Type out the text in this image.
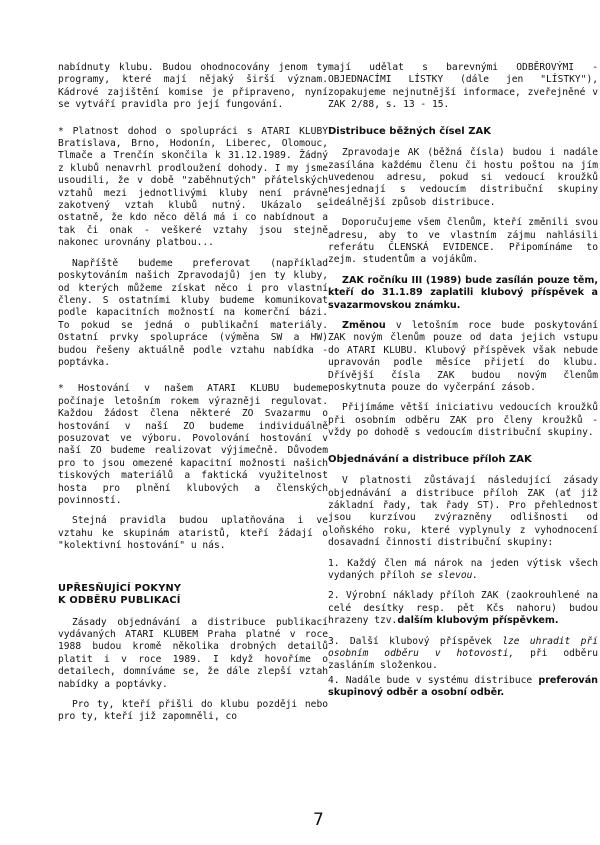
nabídnuty klubu. Budou ohodnocovány jenom ty programy, které mají nějaký širší význam. Kádrové zajištění komise je připraveno, nyní se vytváří pravidla pro její fungování.

* Platnost dohod o spolupráci s ATARI KLUBY Bratislava, Brno, Hodonín, Liberec, Olomouc, Tlmače a Trenčín skončila k 31.12.1989. Žádný z klubů nenavrhl prodloužení dohody. I my jsme usoudili, že v době "zaběhnutých" přátelských vztahů mezi jednotlivými kluby není právně zakotvený vztah klubů nutný. Ukázalo se ostatně, že kdo něco dělá má i co nabídnout a tak či onak - veškeré vztahy jsou stejně nakonec urovnány platbou...

Napříště budeme preferovat (například poskytováním našich Zpravodajů) jen ty kluby, od kterých můžeme získat něco i pro vlastní členy. S ostatními kluby budeme komunikovat podle kapacitních možností na komerční bázi. To pokud se jedná o publikační materiály. Ostatní prvky spolupráce (výměna SW a HW) budou řešeny aktuálně podle vztahu nabídka - poptávka.

* Hostování v našem ATARI KLUBU budeme počínaje letošním rokem výrazněji regulovat. Každou žádost člena některé ZO Svazarmu o hostování v naší ZO budeme individuálně posuzovat ve výboru. Povolování hostování v naší ZO budeme realizovat výjimečně. Důvodem pro to jsou omezené kapacitní možnosti našich tiskových materiálů a faktická využitelnost hosta pro plnění klubových a členských povinností.

Stejná pravidla budou uplatňována i ve vztahu ke skupinám ataristů, kteří žádají o "kolektivní hostování" u nás.

UPŘESŇUJÍCÍ POKYNY
K ODBĚRU PUBLIKACÍ

Zásady objednávání a distribuce publikací vydávaných ATARI KLUBEM Praha platné v roce 1988 budou kromě několika drobných detailů platit i v roce 1989. I když hovoříme o detailech, domníváme se, že dále zlepší vztah nabídky a poptávky.

Pro ty, kteří přišli do klubu později nebo pro ty, kteří již zapomněli, co

mají udělat s barevnými ODBĚROVÝMI - OBJEDNACÍMI LÍSTKY (dále jen "LÍSTKY"), zopakujeme nejnutnější informace, zveřejněné v ZAK 2/88, s. 13 - 15.

Distribuce běžných čísel ZAK

Zpravodaje AK (běžná čísla) budou i nadále zasílána každému členu či hostu poštou na jím uvedenou adresu, pokud si vedoucí kroužků nesjednají s vedoucím distribuční skupiny ideálnější způsob distribuce.

Doporučujeme všem členům, kteří změnili svou adresu, aby to ve vlastním zájmu nahlásili referátu ČLENSKÁ EVIDENCE. Připomínáme to zejm. studentům a vojákům.

ZAK ročníku III (1989) bude zasílán pouze těm, kteří do 31.1.89 zaplatili klubový příspěvek a svazarmovskou známku.

Změnou v letošním roce bude poskytování ZAK novým členům pouze od data jejich vstupu do ATARI KLUBU. Klubový příspěvek však nebude upravován podle měsíce přijetí do klubu. Dřívější čísla ZAK budou novým členům poskytnuta pouze do vyčerpání zásob.

Přijímáme větší iniciativu vedoucích kroužků při osobním odběru ZAK pro členy kroužků - vždy po dohodě s vedoucím distribuční skupiny.

Objednávání a distribuce příloh ZAK

V platnosti zůstávají následující zásady objednávání a distribuce příloh ZAK (ať již základní řady, tak řady ST). Pro přehlednost jsou kurzívou zvýrazněny odlišnosti od loňského roku, které vyplynuly z vyhodnocení dosavadní činnosti distribuční skupiny:

1. Každý člen má nárok na jeden výtisk všech vydaných příloh se slevou.

2. Výrobní náklady příloh ZAK (zaokrouhlené na celé desítky resp. pět Kčs nahoru) budou hrazeny tzv.dalším klubovým příspěvkem.

3. Další klubový příspěvek lze uhradit při osobním odběru v hotovosti, při odběru zasláním složenkou.

4. Nadále bude v systému distribuce preferován skupinový odběr a osobní odběr.

7
